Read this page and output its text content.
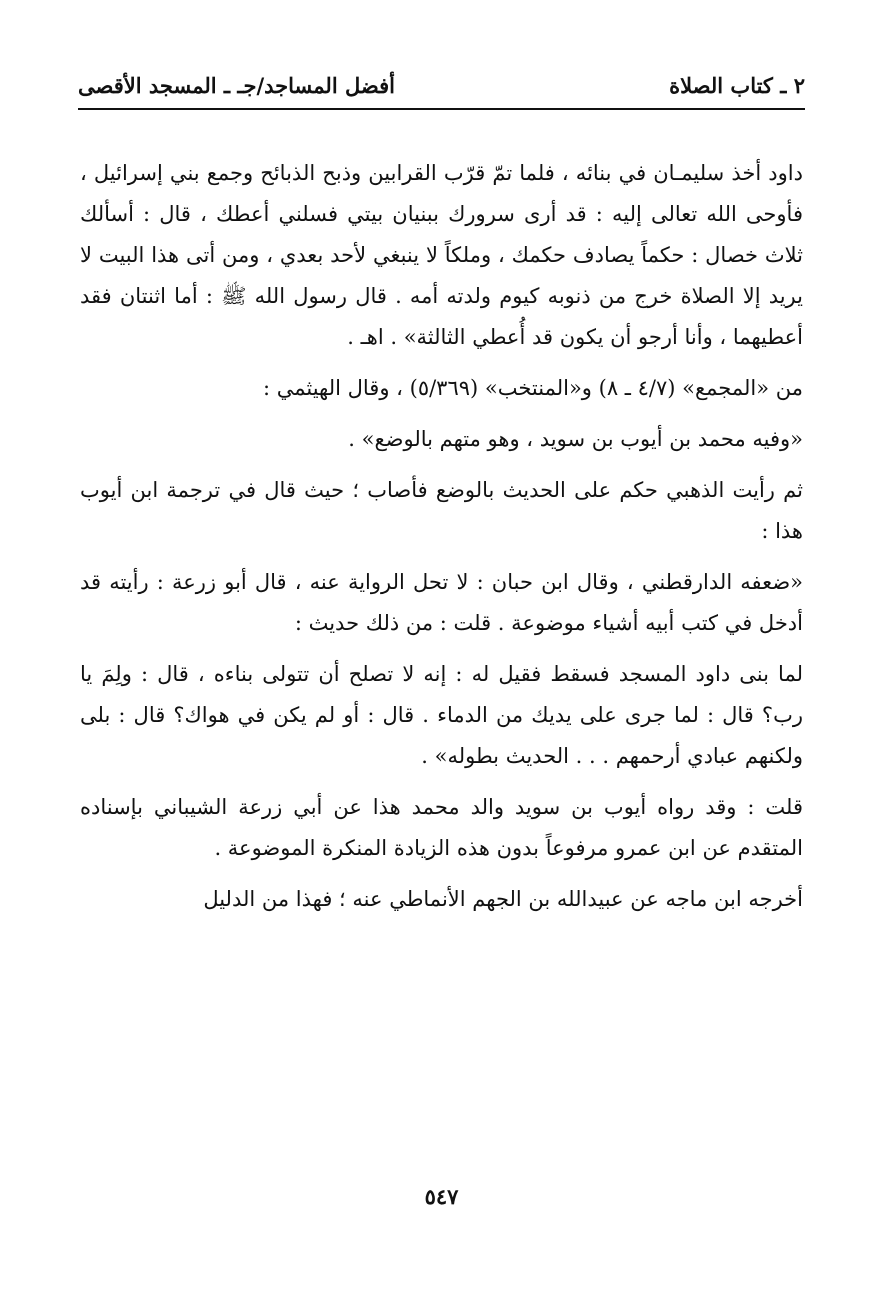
٢ ـ كتاب الصلاة
أفضل المساجد/جـ ـ المسجد الأقصى

داود أخذ سليمـان في بنائه ، فلما تمّ قرّب القرابين وذبح الذبائح وجمع بني إسرائيل ، فأوحى الله تعالى إليه : قد أرى سرورك ببنيان بيتي فسلني أعطك ، قال : أسألك ثلاث خصال : حكماً يصادف حكمك ، وملكاً لا ينبغي لأحد بعدي ، ومن أتى هذا البيت لا يريد إلا الصلاة خرج من ذنوبه كيوم ولدته أمه . قال رسول الله ﷺ : أما اثنتان فقد أعطيهما ، وأنا أرجو أن يكون قد أُعطي الثالثة» . اهـ .

من «المجمع» (٤/٧ ـ ٨) و«المنتخب» (٥/٣٦٩) ، وقال الهيثمي :

«وفيه محمد بن أيوب بن سويد ، وهو متهم بالوضع» .

ثم رأيت الذهبي حكم على الحديث بالوضع فأصاب ؛ حيث قال في ترجمة ابن أيوب هذا :

«ضعفه الدارقطني ، وقال ابن حبان : لا تحل الرواية عنه ، قال أبو زرعة : رأيته قد أدخل في كتب أبيه أشياء موضوعة . قلت : من ذلك حديث :

لما بنى داود المسجد فسقط فقيل له : إنه لا تصلح أن تتولى بناءه ، قال : ولِمَ يا رب؟ قال : لما جرى على يديك من الدماء . قال : أو لم يكن في هواك؟ قال : بلى ولكنهم عبادي أرحمهم . . . الحديث بطوله» .

قلت : وقد رواه أيوب بن سويد والد محمد هذا عن أبي زرعة الشيباني بإسناده المتقدم عن ابن عمرو مرفوعاً بدون هذه الزيادة المنكرة الموضوعة .

أخرجه ابن ماجه عن عبيدالله بن الجهم الأنماطي عنه ؛ فهذا من الدليل

٥٤٧
